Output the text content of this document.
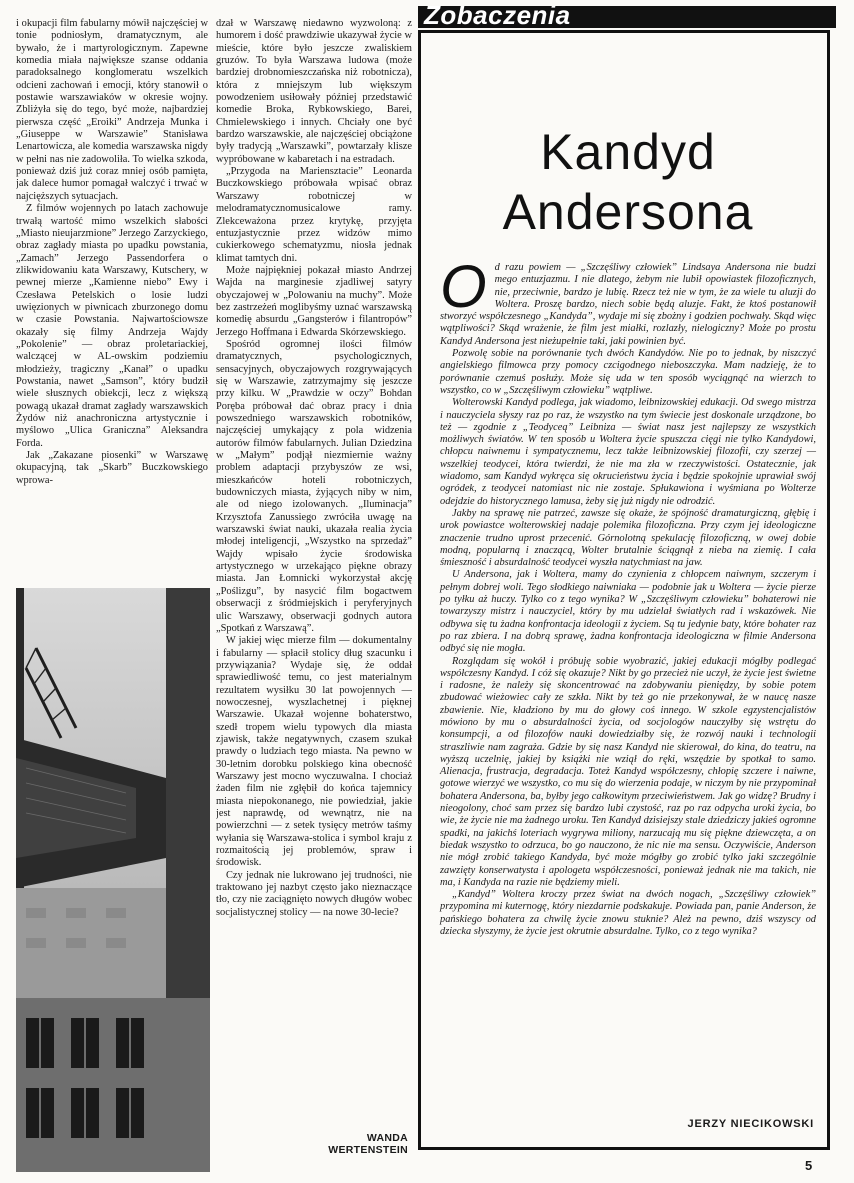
i okupacji film fabularny mówił najczęściej w tonie podniosłym, dramatycznym, ale bywało, że i martyrologicznym. Zapewne komedia miała największe szanse oddania paradoksalnego konglomeratu wszelkich odcieni zachowań i emocji, który stanowił o postawie warszawiaków w okresie wojny. Zbliżyła się do tego, być może, najbardziej pierwsza część „Eroiki” Andrzeja Munka i „Giuseppe w Warszawie” Stanisława Lenartowicza, ale komedia warszawska nigdy w pełni nas nie zadowoliła. To wielka szkoda, ponieważ dziś już coraz mniej osób pamięta, jak dalece humor pomagał walczyć i trwać w najcięższych sytuacjach.

Z filmów wojennych po latach zachowuje trwałą wartość mimo wszelkich słabości „Miasto nieujarzmione” Jerzego Zarzyckiego, obraz zagłady miasta po upadku powstania, „Zamach” Jerzego Passendorfera o zlikwidowaniu kata Warszawy, Kutschery, w pewnej mierze „Kamienne niebo” Ewy i Czesława Petelskich o losie ludzi uwięzionych w piwnicach zburzonego domu w czasie Powstania. Najwartościowsze okazały się filmy Andrzeja Wajdy „Pokolenie” — obraz proletariackiej, walczącej w AL-owskim podziemiu młodzieży, tragiczny „Kanał” o upadku Powstania, nawet „Samson”, który budził wiele słusznych obiekcji, lecz z większą powagą ukazał dramat zagłady warszawskich Żydów niż anachroniczna artystycznie i myślowo „Ulica Graniczna” Aleksandra Forda.

Jak „Zakazane piosenki” w Warszawę okupacyjną, tak „Skarb” Buczkowskiego wprowa-

dzał w Warszawę niedawno wyzwoloną: z humorem i dość prawdziwie ukazywał życie w mieście, które było jeszcze zwaliskiem gruzów. To była Warszawa ludowa (może bardziej drobnomieszczańska niż robotnicza), która z mniejszym lub większym powodzeniem usiłowały później przedstawić komedie Broka, Rybkowskiego, Barei, Chmielewskiego i innych. Chciały one być bardzo warszawskie, ale najczęściej obciążone były tradycją „Warszawki”, powtarzały klisze wypróbowane w kabaretach i na estradach.

„Przygoda na Mariensztacie” Leonarda Buczkowskiego próbowała wpisać obraz Warszawy robotniczej w melodramatycznomusicalowe ramy. Zlekceważona przez krytykę, przyjęta entuzjastycznie przez widzów mimo cukierkowego schematyzmu, niosła jednak klimat tamtych dni.

Może najpiękniej pokazał miasto Andrzej Wajda na marginesie zjadliwej satyry obyczajowej w „Polowaniu na muchy”. Może bez zastrzeżeń moglibyśmy uznać warszawską komedię absurdu „Gangsterów i filantropów” Jerzego Hoffmana i Edwarda Skórzewskiego.

Spośród ogromnej ilości filmów dramatycznych, psychologicznych, sensacyjnych, obyczajowych rozgrywających się w Warszawie, zatrzymajmy się jeszcze przy kilku. W „Prawdzie w oczy” Bohdan Poręba próbował dać obraz pracy i dnia powszedniego warszawskich robotników, najczęściej umykający z pola widzenia autorów filmów fabularnych. Julian Dziedzina w „Małym” podjął niezmiernie ważny problem adaptacji przybyszów ze wsi, mieszkańców hoteli robotniczych, budowniczych miasta, żyjących niby w nim, ale od niego izolowanych. „Iluminacja” Krzysztofa Zanussiego zwróciła uwagę na warszawski świat nauki, ukazała realia życia młodej inteligencji, „Wszystko na sprzedaż” Wajdy wpisało życie środowiska artystycznego w urzekająco piękne obrazy miasta. Jan Łomnicki wykorzystał akcję „Poślizgu”, by nasycić film bogactwem obserwacji z śródmiejskich i peryferyjnych ulic Warszawy, obserwacji godnych autora „Spotkań z Warszawą”.

W jakiej więc mierze film — dokumentalny i fabularny — spłacił stolicy dług szacunku i przywiązania? Wydaje się, że oddał sprawiedliwość temu, co jest materialnym rezultatem wysiłku 30 lat powojennych — nowoczesnej, wyszlachetnej i pięknej Warszawie. Ukazał wojenne bohaterstwo, szedł tropem wielu typowych dla miasta zjawisk, także negatywnych, czasem szukał prawdy o ludziach tego miasta. Na pewno w 30-letnim dorobku polskiego kina obecność Warszawy jest mocno wyczuwalna. I chociaż żaden film nie zgłębił do końca tajemnicy miasta niepokonanego, nie powiedział, jakie jest naprawdę, od wewnątrz, nie na powierzchni — z setek tysięcy metrów taśmy wyłania się Warszawa-stolica i symbol kraju z rozmaitością jej problemów, spraw i środowisk.

Czy jednak nie lukrowano jej trudności, nie traktowano jej nazbyt często jako nieznaczące tło, czy nie zaciągnięto nowych długów wobec socjalistycznej stolicy — na nowe 30-lecie?

WANDA
WERTENSTEIN
Zobaczenia
Kandyd
Andersona

Od razu powiem — „Szczęśliwy człowiek” Lindsaya Andersona nie budzi mego entuzjazmu. I nie dlatego, żebym nie lubił opowiastek filozoficznych, nie, przeciwnie, bardzo je lubię. Rzecz też nie w tym, że za wiele tu aluzji do Woltera. Proszę bardzo, niech sobie będą aluzje. Fakt, że ktoś postanowił stworzyć współczesnego „Kandyda”, wydaje mi się zbożny i godzien pochwały. Skąd więc wątpliwości? Skąd wrażenie, że film jest miałki, rozlazły, nielogiczny? Może po prostu Kandyd Andersona jest nieżupełnie taki, jaki powinien być.

Pozwolę sobie na porównanie tych dwóch Kandydów. Nie po to jednak, by niszczyć angielskiego filmowca przy pomocy czcigodnego nieboszczyka. Mam nadzieję, że to porównanie czemuś posłuży. Może się uda w ten sposób wyciągnąć na wierzch to wszystko, co w „Szczęśliwym człowieku” wątpliwe.

Wolterowski Kandyd podlega, jak wiadomo, leibnizowskiej edukacji. Od swego mistrza i nauczyciela słyszy raz po raz, że wszystko na tym świecie jest doskonale urządzone, bo też — zgodnie z „Teodyceą” Leibniza — świat nasz jest najlepszy ze wszystkich możliwych światów. W ten sposób u Woltera życie spuszcza cięgi nie tylko Kandydowi, chłopcu naiwnemu i sympatycznemu, lecz także leibnizowskiej filozofii, czy szerzej — wszelkiej teodycei, która twierdzi, że nie ma zła w rzeczywistości. Ostatecznie, jak wiadomo, sam Kandyd wykręca się okrucieństwu życia i będzie spokojnie uprawiał swój ogródek, z teodycei natomiast nic nie zostaje. Spłukawiona i wyśmiana po Wolterze odejdzie do historycznego lamusa, żeby się już nigdy nie odrodzić.

Jakby na sprawę nie patrzeć, zawsze się okaże, że spójność dramaturgiczną, głębię i urok powiastce wolterowskiej nadaje polemika filozoficzna. Przy czym jej ideologiczne znaczenie trudno uprost przecenić. Górnolotną spekulację filozoficzną, w owej dobie modną, popularną i znaczącą, Wolter brutalnie ściągnął z nieba na ziemię. I cała śmieszność i absurdalność teodycei wyszła natychmiast na jaw.

U Andersona, jak i Woltera, mamy do czynienia z chłopcem naiwnym, szczerym i pełnym dobrej woli. Tego słodkiego naiwniaka — podobnie jak u Woltera — życie pierze po tyłku aż huczy. Tylko co z tego wynika? W „Szczęśliwym człowieku” bohaterowi nie towarzyszy mistrz i nauczyciel, który by mu udzielał światłych rad i wskazówek. Nie odbywa się tu żadna konfrontacja ideologii z życiem. Są tu jedynie baty, które bohater raz po raz zbiera. I na dobrą sprawę, żadna konfrontacja ideologiczna w filmie Andersona odbyć się nie mogła.

Rozglądam się wokół i próbuję sobie wyobrazić, jakiej edukacji mógłby podlegać współczesny Kandyd. I cóż się okazuje? Nikt by go przecież nie uczył, że życie jest świetne i radosne, że należy się skoncentrować na zdobywaniu pieniędzy, by sobie potem zbudować wieżowiec cały ze szkła. Nikt by też go nie przekonywał, że w naucę nasze zbawienie. Nie, kładziono by mu do głowy coś innego. W szkole egzystencjalistów mówiono by mu o absurdalności życia, od socjologów nauczyłby się wstrętu do konsumpcji, a od filozofów nauki dowiedziałby się, że rozwój nauki i technologii straszliwie nam zagraża. Gdzie by się nasz Kandyd nie skierował, do kina, do teatru, na wyższą uczelnię, jakiej by książki nie wziął do ręki, wszędzie by spotkał to samo. Alienacja, frustracja, degradacja. Toteż Kandyd współczesny, chłopię szczere i naiwne, gotowe wierzyć we wszystko, co mu się do wierzenia podaje, w niczym by nie przypominał bohatera Andersona, ba, byłby jego całkowitym przeciwieństwem. Jak go widzę? Brudny i nieogolony, choć sam przez się bardzo lubi czystość, raz po raz odpycha uroki życia, bo wie, że życie nie ma żadnego uroku. Ten Kandyd dzisiejszy stale dziedziczy jakieś ogromne spadki, na jakichś loteriach wygrywa miliony, narzucają mu się piękne dziewczęta, a on biedak wszystko to odrzuca, bo go nauczono, że nic nie ma sensu. Oczywiście, Anderson nie mógł zrobić takiego Kandyda, być może mógłby go zrobić tylko jaki szczególnie zawzięty konserwatysta i apologeta współczesności, ponieważ jednak nie ma takich, nie ma, i Kandyda na razie nie będziemy mieli.

„Kandyd” Woltera kroczy przez świat na dwóch nogach, „Szczęśliwy człowiek” przypomina mi kuternogę, który niezdarnie podskakuje. Powiada pan, panie Anderson, że pańskiego bohatera za chwilę życie znowu stuknie? Ależ na pewno, dziś wszyscy od dziecka słyszymy, że życie jest okrutnie absurdalne. Tylko, co z tego wynika?

JERZY NIECIKOWSKI
5
